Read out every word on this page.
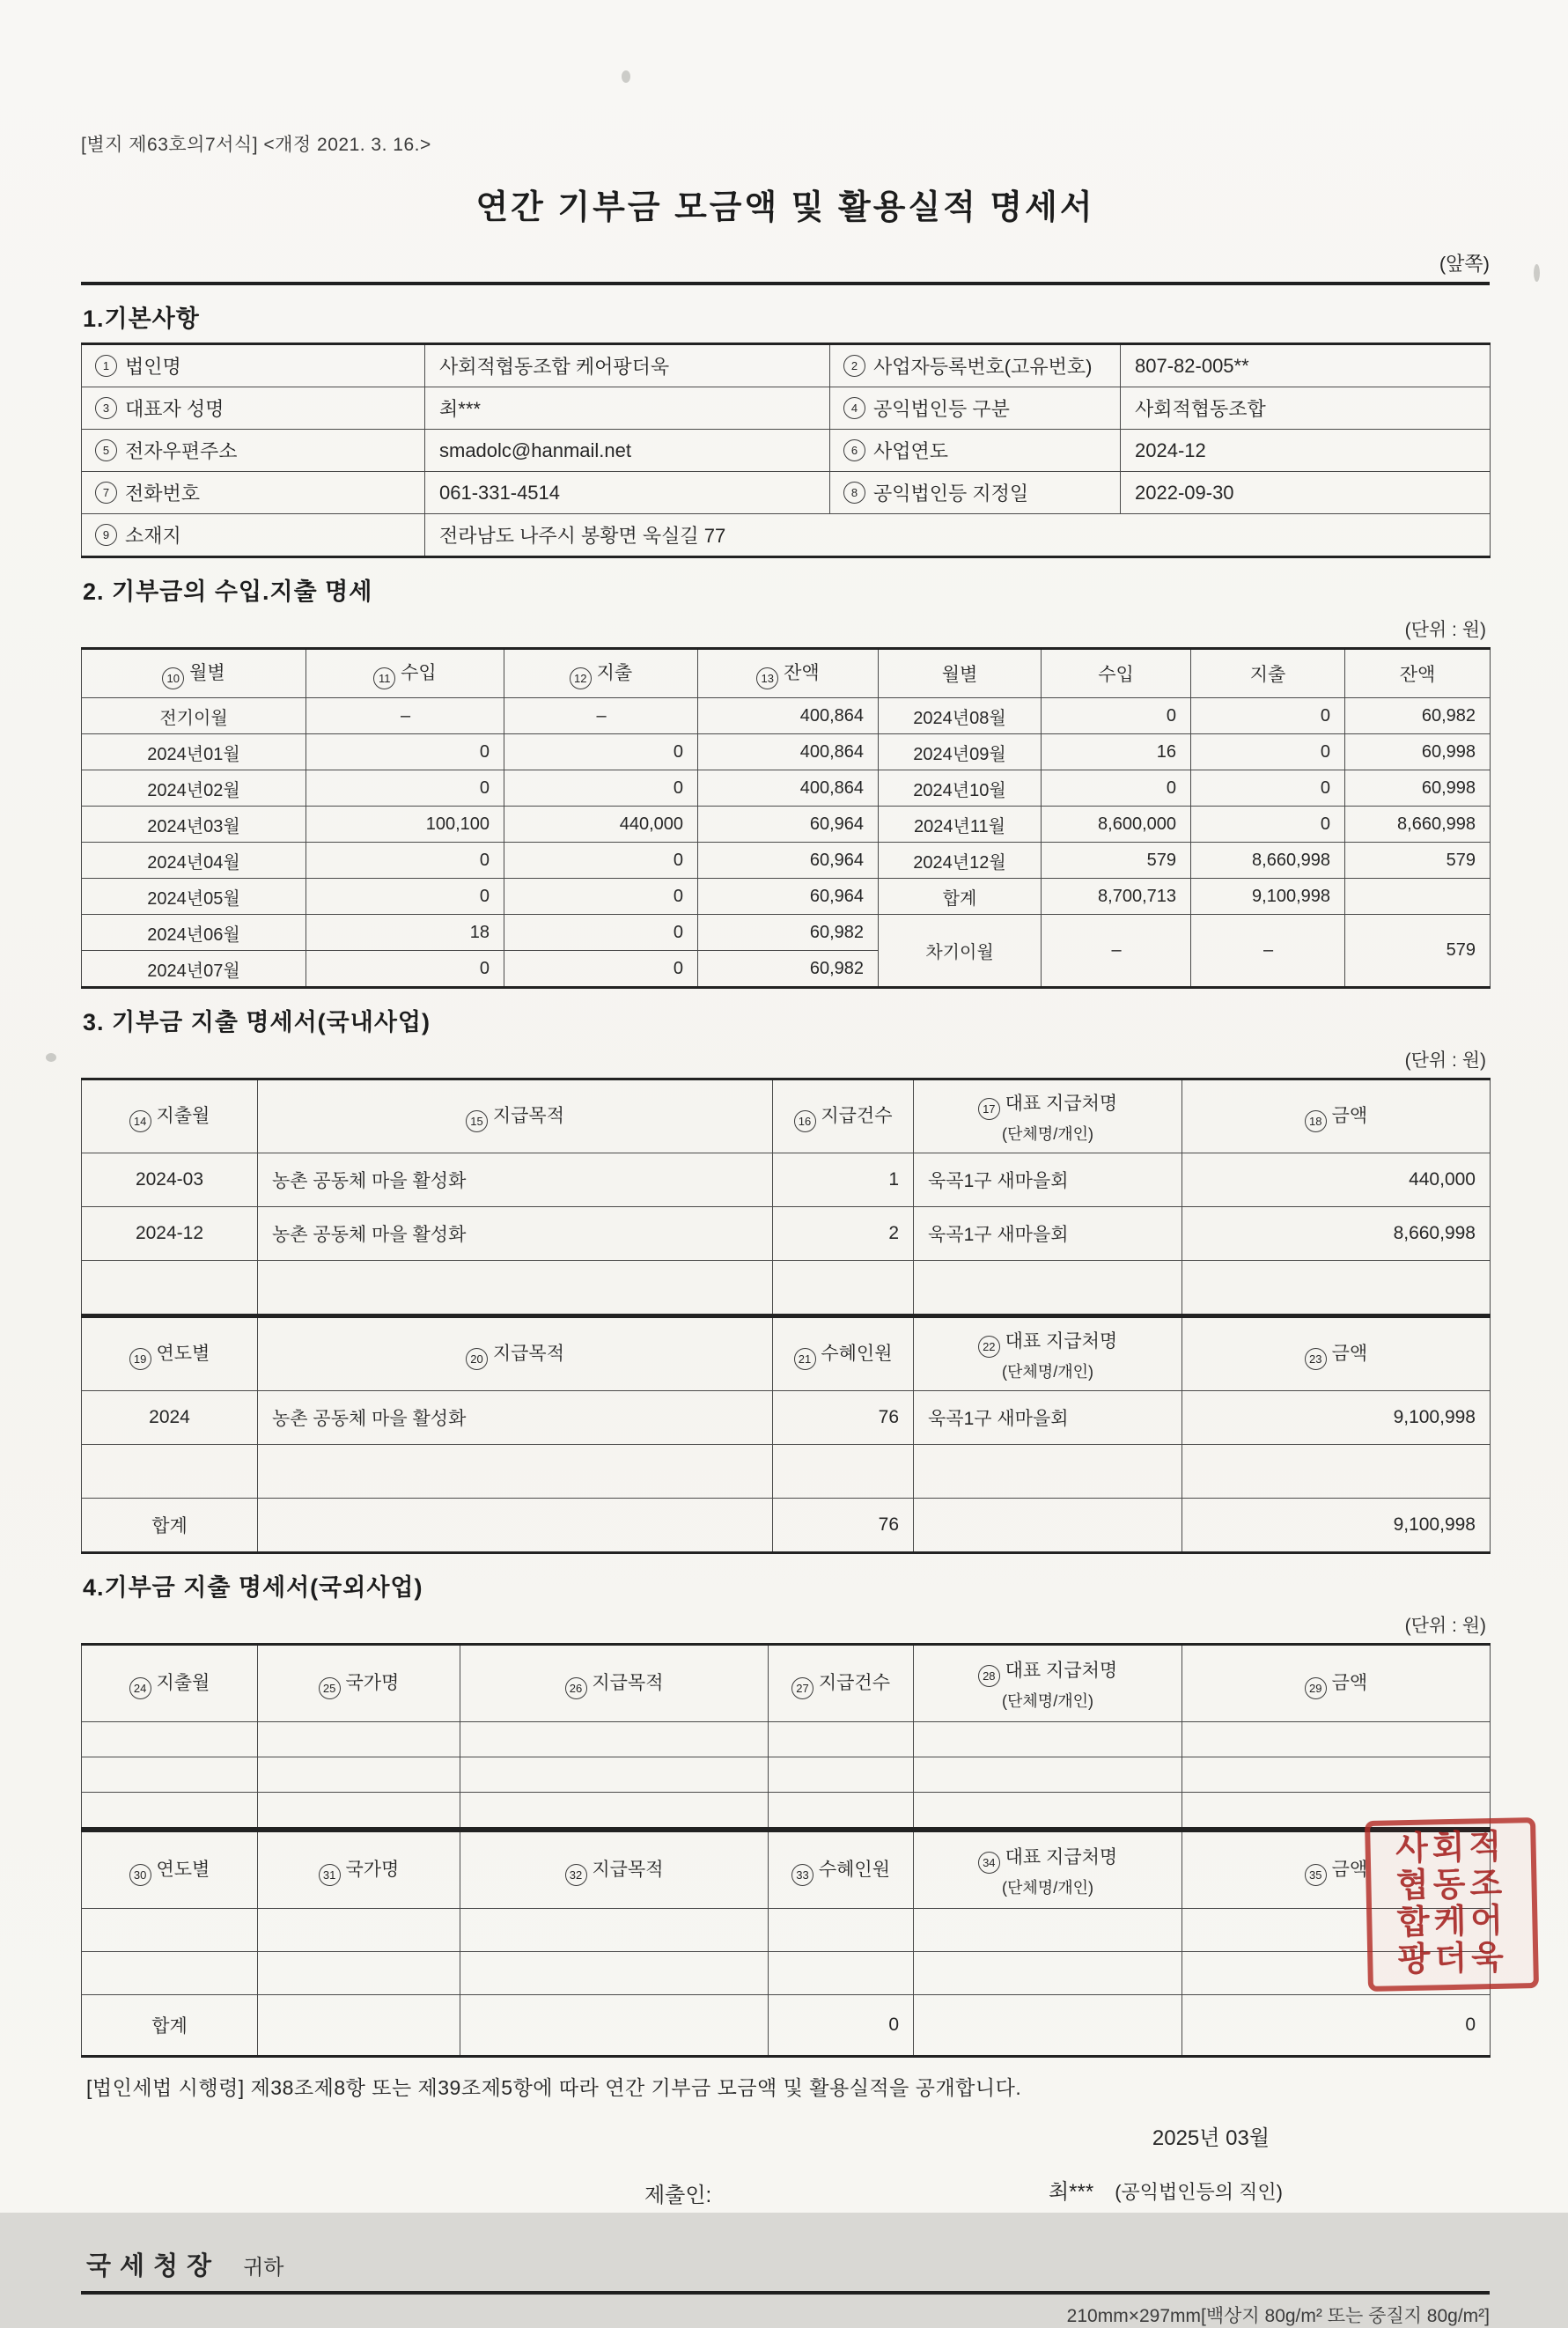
[별지 제63호의7서식] <개정 2021. 3. 16.>
연간 기부금 모금액 및 활용실적 명세서
(앞쪽)
1.기본사항
1 법인명	사회적협동조합 케어팡더욱	2 사업자등록번호(고유번호)	807-82-005**

3 대표자 성명	최***	4 공익법인등 구분	사회적협동조합

5 전자우편주소	smadolc@hanmail.net	6 사업연도	2024-12

7 전화번호	061-331-4514	8 공익법인등 지정일	2022-09-30

9 소재지	전라남도 나주시 봉황면 욱실길 77		
2. 기부금의 수입.지출 명세
(단위 : 원)
10 월별	11 수입	12 지출	13 잔액	월별	수입	지출	잔액
전기이월	–	–	400,864	2024년08월	0	0	60,982
2024년01월	0	0	400,864	2024년09월	16	0	60,998
2024년02월	0	0	400,864	2024년10월	0	0	60,998
2024년03월	100,100	440,000	60,964	2024년11월	8,600,000	0	8,660,998
2024년04월	0	0	60,964	2024년12월	579	8,660,998	579
2024년05월	0	0	60,964	합계	8,700,713	9,100,998	
2024년06월	18	0	60,982	차기이월	–	–	579
2024년07월	0	0	60,982				
3. 기부금 지출 명세서(국내사업)
(단위 : 원)
14 지출월	15 지급목적	16 지급건수	17 대표 지급처명
(단체명/개인)	18 금액
2024-03	농촌 공동체 마을 활성화	1	욱곡1구 새마을회	440,000
2024-12	농촌 공동체 마을 활성화	2	욱곡1구 새마을회	8,660,998

19 연도별	20 지급목적	21 수혜인원	22 대표 지급처명
(단체명/개인)	23 금액
2024	농촌 공동체 마을 활성화	76	욱곡1구 새마을회	9,100,998

합계		76		9,100,998
4.기부금 지출 명세서(국외사업)
(단위 : 원)
24 지출월	25 국가명	26 지급목적	27 지급건수	28 대표 지급처명
(단체명/개인)	29 금액

30 연도별	31 국가명	32 지급목적	33 수혜인원	34 대표 지급처명
(단체명/개인)	35 금액

합계			0		0
[법인세법 시행령] 제38조제8항 또는 제39조제5항에 따라 연간 기부금 모금액 및 활용실적을 공개합니다.
2025년 03월
제출인:	최*** (공익법인등의 직인)
국세청장 귀하
210mm×297mm[백상지 80g/m² 또는 중질지 80g/m²]
사회적
협동조
합케어
팡더욱
